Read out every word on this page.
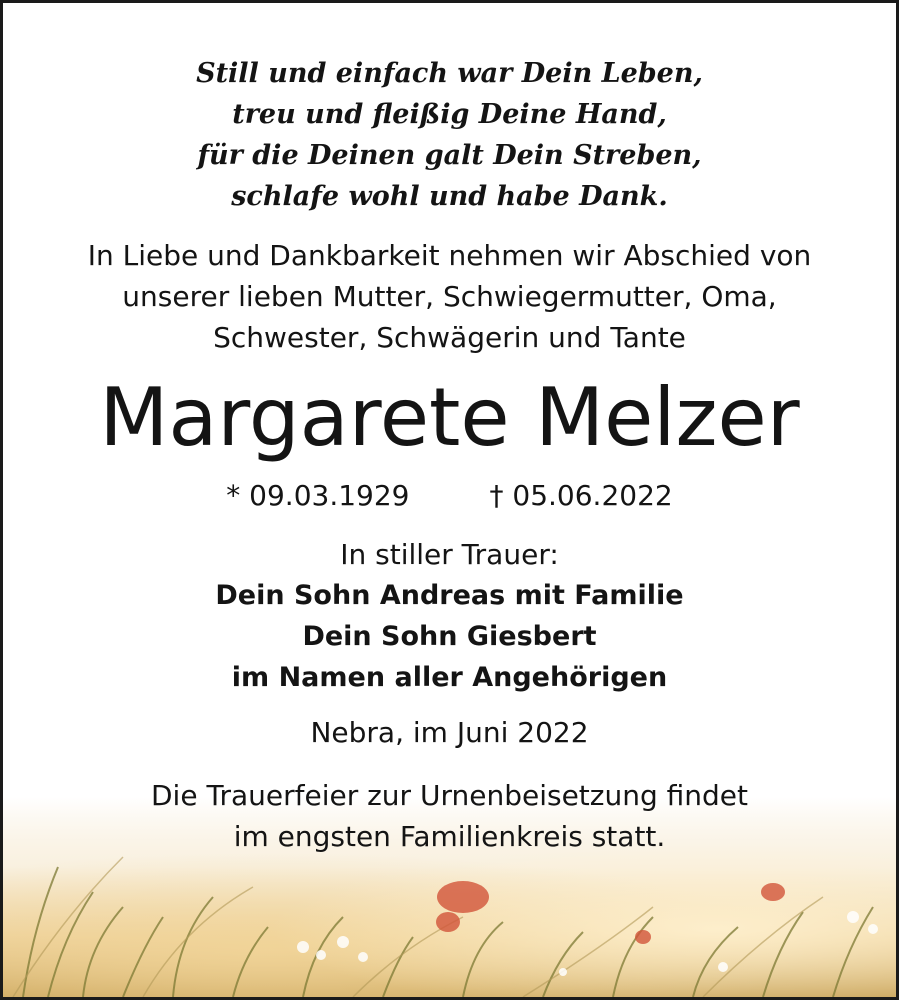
Still und einfach war Dein Leben,
treu und fleißig Deine Hand,
für die Deinen galt Dein Streben,
schlafe wohl und habe Dank.
In Liebe und Dankbarkeit nehmen wir Abschied von
unserer lieben Mutter, Schwiegermutter, Oma,
Schwester, Schwägerin und Tante
Margarete Melzer
* 09.03.1929	† 05.06.2022
In stiller Trauer:
Dein Sohn Andreas mit Familie
Dein Sohn Giesbert
im Namen aller Angehörigen
Nebra, im Juni 2022
Die Trauerfeier zur Urnenbeisetzung findet
im engsten Familienkreis statt.
